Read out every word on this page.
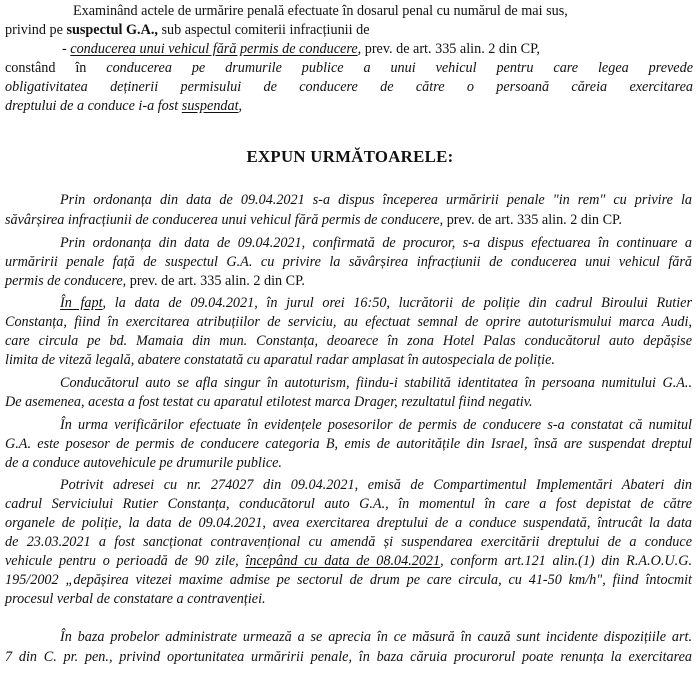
Examinând actele de urmărire penală efectuate în dosarul penal cu numărul de mai sus,
privind pe suspectul G.A., sub aspectul comiterii infracțiunii de
- conducerea unui vehicul fără permis de conducere, prev. de art. 335 alin. 2 din CP,
constând în conducerea pe drumurile publice a unui vehicul pentru care legea prevede
obligativitatea deținerii permisului de conducere de către o persoană căreia exercitarea
dreptului de a conduce i-a fost suspendat,
EXPUN URMĂTOARELE:
Prin ordonanța din data de 09.04.2021 s-a dispus începerea urmăririi penale "in rem" cu privire la
săvârșirea infracțiunii de conducerea unui vehicul fără permis de conducere, prev. de art. 335 alin. 2 din CP.
Prin ordonanța din data de 09.04.2021, confirmată de procuror, s-a dispus efectuarea în continuare a
urmăririi penale față de suspectul G.A. cu privire la săvârșirea infracțiunii de conducerea unui vehicul fără
permis de conducere, prev. de art. 335 alin. 2 din CP.
În fapt, la data de 09.04.2021, în jurul orei 16:50, lucrătorii de poliție din cadrul Biroului Rutier
Constanța, fiind în exercitarea atribuțiilor de serviciu, au efectuat semnal de oprire autoturismului marca Audi,
care circula pe bd. Mamaia din mun. Constanța, deoarece în zona Hotel Palas conducătorul auto depășise
limita de viteză legală, abatere constatată cu aparatul radar amplasat în autospeciala de poliție.
Conducătorul auto se afla singur în autoturism, fiindu-i stabilită identitatea în persoana numitului G.A..
De asemenea, acesta a fost testat cu aparatul etilotest marca Drager, rezultatul fiind negativ.
În urma verificărilor efectuate în evidențele posesorilor de permis de conducere s-a constatat că numitul
G.A. este posesor de permis de conducere categoria B, emis de autoritățile din Israel, însă are suspendat dreptul
de a conduce autovehicule pe drumurile publice.
Potrivit adresei cu nr. 274027 din 09.04.2021, emisă de Compartimentul Implementări Abateri din
cadrul Serviciului Rutier Constanța, conducătorul auto G.A., în momentul în care a fost depistat de către
organele de poliție, la data de 09.04.2021, avea exercitarea dreptului de a conduce suspendată, întrucât la data
de 23.03.2021 a fost sancționat contravențional cu amendă și suspendarea exercitării dreptului de a conduce
vehicule pentru o perioadă de 90 zile, începând cu data de 08.04.2021, conform art.121 alin.(1) din R.A.O.U.G.
195/2002 „depășirea vitezei maxime admise pe sectorul de drum pe care circula, cu 41-50 km/h", fiind întocmit
procesul verbal de constatare a contravenției.
În baza probelor administrate urmează a se aprecia în ce măsură în cauză sunt incidente dispozițiile art.
7 din C. pr. pen., privind oportunitatea urmăririi penale, în baza căruia procurorul poate renunța la exercitarea
